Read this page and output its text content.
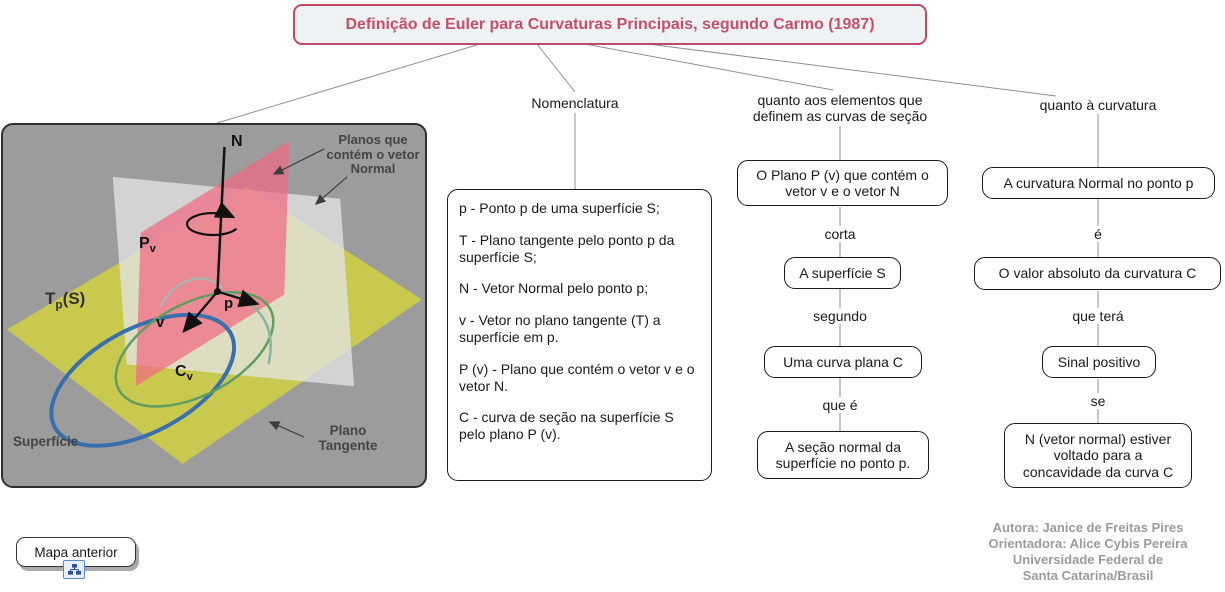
Definição de Euler para Curvaturas Principais, segundo Carmo (1987)
N
$P_v$
$T_p(S)$	p
v
$C_v$
Planos que contém o vetor Normal
Superfície
Plano Tangente
Nomenclatura

p - Ponto p de uma superfície S;

T - Plano tangente pelo ponto p da superfície S;

N - Vetor Normal pelo ponto p;

v - Vetor no plano tangente (T) a superfície em p.

P (v) - Plano que contém o vetor v e o vetor N.

C - curva de seção na superfície S pelo plano P (v).

quanto aos elementos que definem as curvas de seção
O Plano P (v) que contém o vetor v e o vetor N
corta
A superfície S
segundo
Uma curva plana C
que é
A seção normal da superfície no ponto p.
quanto à curvatura
A curvatura Normal no ponto p
é
O valor absoluto da curvatura C
que terá
Sinal positivo
se
N (vetor normal) estiver voltado para a concavidade da curva C
Mapa anterior
Autora: Janice de Freitas Pires
Orientadora: Alice Cybis Pereira
Universidade Federal de
Santa Catarina/Brasil
